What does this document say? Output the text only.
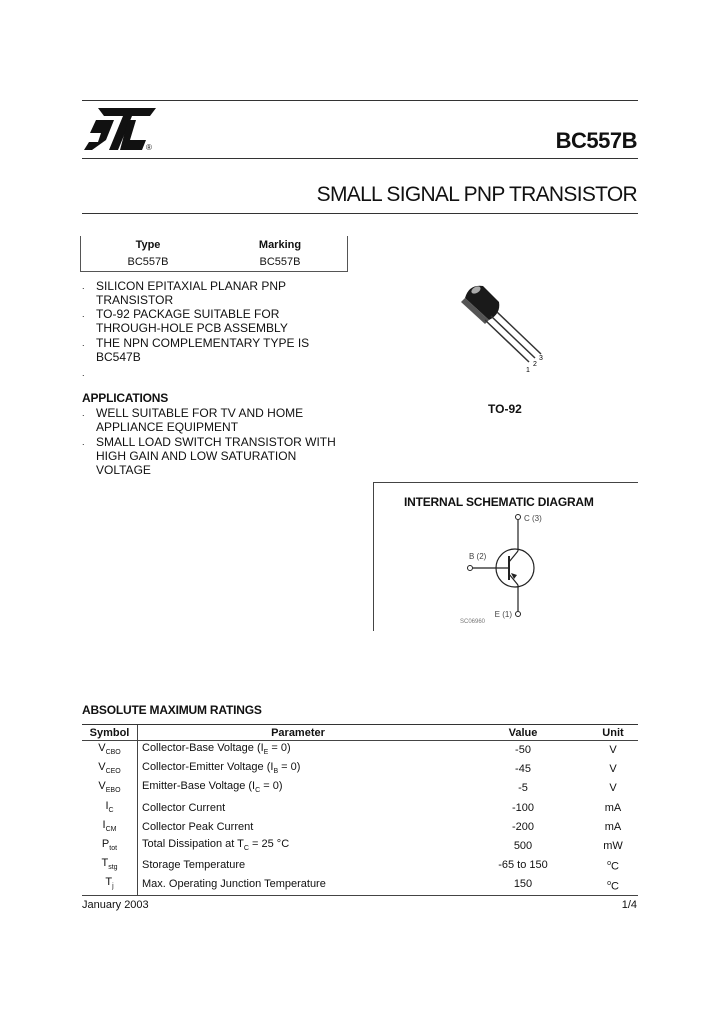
®	BC557B
SMALL SIGNAL PNP TRANSISTOR
Type	Marking
BC557B	BC557B
. SILICON EPITAXIAL PLANAR PNP
TRANSISTOR
. TO-92 PACKAGE SUITABLE FOR
THROUGH-HOLE PCB ASSEMBLY
. THE NPN COMPLEMENTARY TYPE IS
BC547B
.
APPLICATIONS
. WELL SUITABLE FOR TV AND HOME
APPLIANCE EQUIPMENT
. SMALL LOAD SWITCH TRANSISTOR WITH
HIGH GAIN AND LOW SATURATION
VOLTAGE
1
2
3
TO-92
INTERNAL SCHEMATIC DIAGRAM
C (3)
E (1)
B (2)
SC06960
ABSOLUTE MAXIMUM RATINGS
Symbol	Parameter	Value	Unit
$V_{CBO}$	Collector-Base Voltage $(I_E = 0)$	-50	V
$V_{CEO}$	Collector-Emitter Voltage $(I_B = 0)$	-45	V
$V_{EBO}$	Emitter-Base Voltage $(I_C = 0)$	-5	V
$I_C$	Collector Current	-100	mA
$I_{CM}$	Collector Peak Current	-200	mA
$P_{tot}$	Total Dissipation at $T_C = 25$ °C	500	mW
$T_{stg}$	Storage Temperature	-65 to 150	$^o$C
$T_j$	Max. Operating Junction Temperature	150	$^o$C
January 2003	1/4
